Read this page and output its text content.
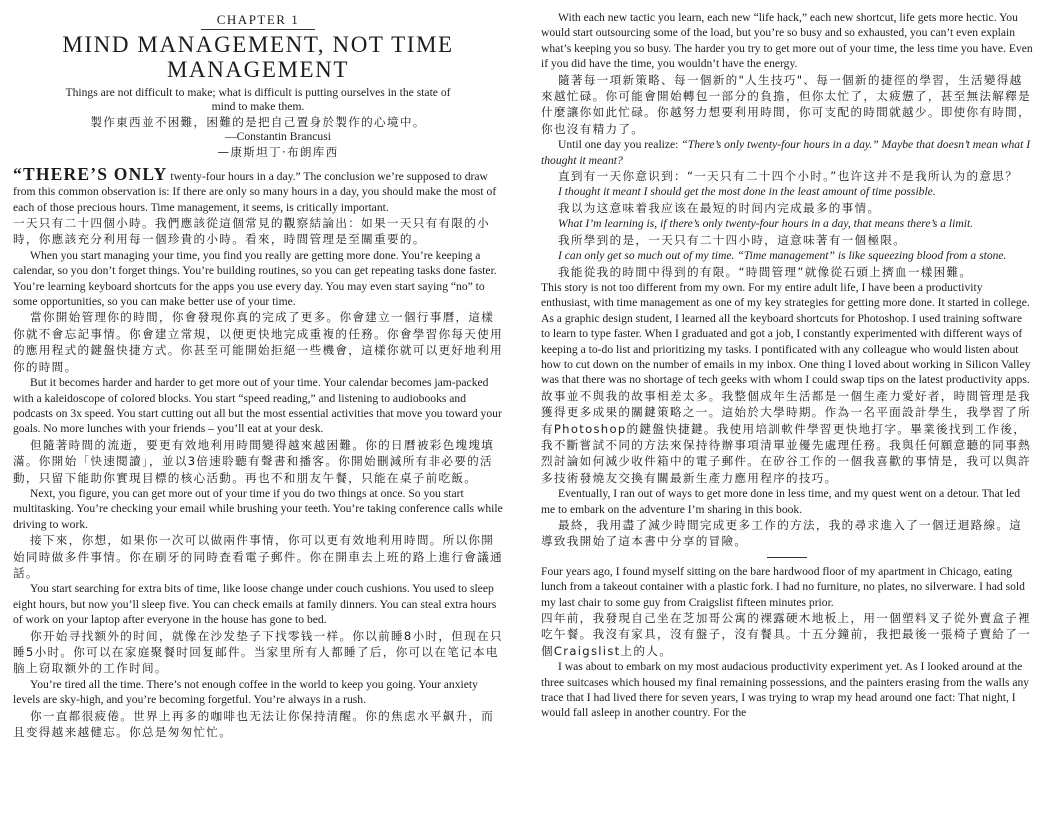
CHAPTER 1
MIND MANAGEMENT, NOT TIME MANAGEMENT
Things are not difficult to make; what is difficult is putting ourselves in the state of mind to make them.
製作東西並不困難，困難的是把自己置身於製作的心境中。

—Constantin Brancusi
—康斯坦丁·布朗库西

“THERE’S ONLY twenty-four hours in a day.” The conclusion we’re supposed to draw from this common observation is: If there are only so many hours in a day, you should make the most of each of those precious hours. Time management, it seems, is critically important.

一天只有二十四個小時。我們應該從這個常見的觀察結論出：如果一天只有有限的小時，你應該充分利用每一個珍貴的小時。看來，時間管理是至關重要的。

When you start managing your time, you find you really are getting more done. You’re keeping a calendar, so you don’t forget things. You’re building routines, so you can get repeating tasks done faster. You’re learning keyboard shortcuts for the apps you use every day. You may even start saying “no” to some opportunities, so you can make better use of your time.

當你開始管理你的時間，你會發現你真的完成了更多。你會建立一個行事曆，這樣你就不會忘記事情。你會建立常規，以便更快地完成重複的任務。你會學習你每天使用的應用程式的鍵盤快捷方式。你甚至可能開始拒絕一些機會，這樣你就可以更好地利用你的時間。

But it becomes harder and harder to get more out of your time. Your calendar becomes jam-packed with a kaleidoscope of colored blocks. You start “speed reading,” and listening to audiobooks and podcasts on 3x speed. You start cutting out all but the most essential activities that move you toward your goals. No more lunches with your friends – you’ll eat at your desk.

但隨著時間的流逝，要更有效地利用時間變得越來越困難。你的日曆被彩色塊塊填滿。你開始「快速閱讀」，並以3倍速聆聽有聲書和播客。你開始刪減所有非必要的活動，只留下能助你實現目標的核心活動。再也不和朋友午餐，只能在桌子前吃飯。

Next, you figure, you can get more out of your time if you do two things at once. So you start multitasking. You’re checking your email while brushing your teeth. You’re taking conference calls while driving to work.

接下來，你想，如果你一次可以做兩件事情，你可以更有效地利用時間。所以你開始同時做多件事情。你在刷牙的同時查看電子郵件。你在開車去上班的路上進行會議通話。

You start searching for extra bits of time, like loose change under couch cushions. You used to sleep eight hours, but now you’ll sleep five. You can check emails at family dinners. You can steal extra hours of work on your laptop after everyone in the house has gone to bed.

你开始寻找额外的时间，就像在沙发垫子下找零钱一样。你以前睡8小时，但现在只睡5小时。你可以在家庭聚餐时回复邮件。当家里所有人都睡了后，你可以在笔记本电脑上窃取额外的工作时间。

You’re tired all the time. There’s not enough coffee in the world to keep you going. Your anxiety levels are sky-high, and you’re becoming forgetful. You’re always in a rush.

你一直都很疲倦。世界上再多的咖啡也无法让你保持清醒。你的焦虑水平飙升，而且变得越来越健忘。你总是匆匆忙忙。

With each new tactic you learn, each new “life hack,” each new shortcut, life gets more hectic. You would start outsourcing some of the load, but you’re so busy and so exhausted, you can’t even explain what’s keeping you so busy. The harder you try to get more out of your time, the less time you have. Even if you did have the time, you wouldn’t have the energy.

隨著每一項新策略、每一個新的"人生技巧"、每一個新的捷徑的學習，生活變得越來越忙碌。你可能會開始轉包一部分的負擔，但你太忙了，太疲憊了，甚至無法解釋是什麼讓你如此忙碌。你越努力想要利用時間，你可支配的時間就越少。即使你有時間，你也沒有精力了。

Until one day you realize: “There’s only twenty-four hours in a day.” Maybe that doesn’t mean what I thought it meant?

直到有一天你意识到：“一天只有二十四个小时。”也许这并不是我所认为的意思？

I thought it meant I should get the most done in the least amount of time possible.

我以为这意味着我应该在最短的时间内完成最多的事情。

What I’m learning is, if there’s only twenty-four hours in a day, that means there’s a limit.

我所學到的是，一天只有二十四小時，這意味著有一個極限。

I can only get so much out of my time. “Time management” is like squeezing blood from a stone.

我能從我的時間中得到的有限。“時間管理”就像從石頭上擠血一樣困難。

This story is not too different from my own. For my entire adult life, I have been a productivity enthusiast, with time management as one of my key strategies for getting more done. It started in college. As a graphic design student, I learned all the keyboard shortcuts for Photoshop. I used training software to learn to type faster. When I graduated and got a job, I constantly experimented with different ways of keeping a to-do list and prioritizing my tasks. I pontificated with any colleague who would listen about how to cut down on the number of emails in my inbox. One thing I loved about working in Silicon Valley was that there was no shortage of tech geeks with whom I could swap tips on the latest productivity apps.

故事並不與我的故事相差太多。我整個成年生活都是一個生產力愛好者，時間管理是我獲得更多成果的關鍵策略之一。這始於大學時期。作為一名平面設計學生，我學習了所有Photoshop的鍵盤快捷鍵。我使用培訓軟件學習更快地打字。畢業後找到工作後，我不斷嘗試不同的方法來保持待辦事項清單並優先處理任務。我與任何願意聽的同事熱烈討論如何減少收件箱中的電子郵件。在矽谷工作的一個我喜歡的事情是，我可以與許多技術發燒友交換有關最新生產力應用程序的技巧。

Eventually, I ran out of ways to get more done in less time, and my quest went on a detour. That led me to embark on the adventure I’m sharing in this book.

最終，我用盡了減少時間完成更多工作的方法，我的尋求進入了一個迂迴路線。這導致我開始了這本書中分享的冒險。

Four years ago, I found myself sitting on the bare hardwood floor of my apartment in Chicago, eating lunch from a takeout container with a plastic fork. I had no furniture, no plates, no silverware. I had sold my last chair to some guy from Craigslist fifteen minutes prior.

四年前，我發現自己坐在芝加哥公寓的裸露硬木地板上，用一個塑料叉子從外賣盒子裡吃午餐。我沒有家具，沒有盤子，沒有餐具。十五分鐘前，我把最後一張椅子賣給了一個Craigslist上的人。

I was about to embark on my most audacious productivity experiment yet. As I looked around at the three suitcases which housed my final remaining possessions, and the painters erasing from the walls any trace that I had lived there for seven years, I was trying to wrap my head around one fact: That night, I would fall asleep in another country. For the
